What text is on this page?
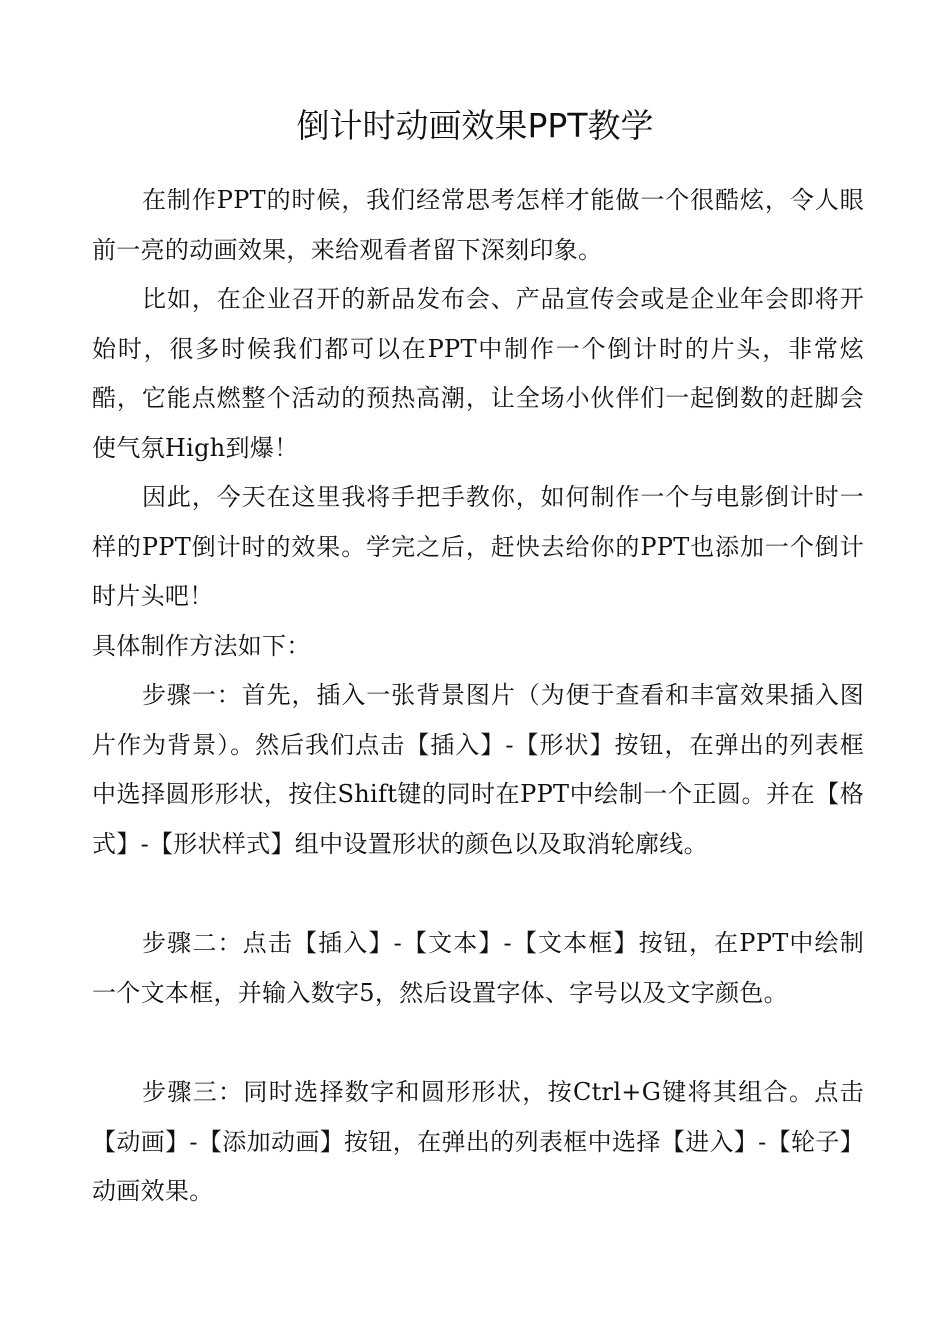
倒计时动画效果PPT教学

在制作PPT的时候，我们经常思考怎样才能做一个很酷炫，令人眼前一亮的动画效果，来给观看者留下深刻印象。

比如，在企业召开的新品发布会、产品宣传会或是企业年会即将开始时，很多时候我们都可以在PPT中制作一个倒计时的片头，非常炫酷，它能点燃整个活动的预热高潮，让全场小伙伴们一起倒数的赶脚会使气氛High到爆！

因此，今天在这里我将手把手教你，如何制作一个与电影倒计时一样的PPT倒计时的效果。学完之后，赶快去给你的PPT也添加一个倒计时片头吧！

具体制作方法如下：

步骤一：首先，插入一张背景图片（为便于查看和丰富效果插入图片作为背景）。然后我们点击【插入】-【形状】按钮，在弹出的列表框中选择圆形形状，按住Shift键的同时在PPT中绘制一个正圆。并在【格式】-【形状样式】组中设置形状的颜色以及取消轮廓线。

步骤二：点击【插入】-【文本】-【文本框】按钮，在PPT中绘制一个文本框，并输入数字5，然后设置字体、字号以及文字颜色。

步骤三：同时选择数字和圆形形状，按Ctrl+G键将其组合。点击【动画】-【添加动画】按钮，在弹出的列表框中选择【进入】-【轮子】动画效果。
